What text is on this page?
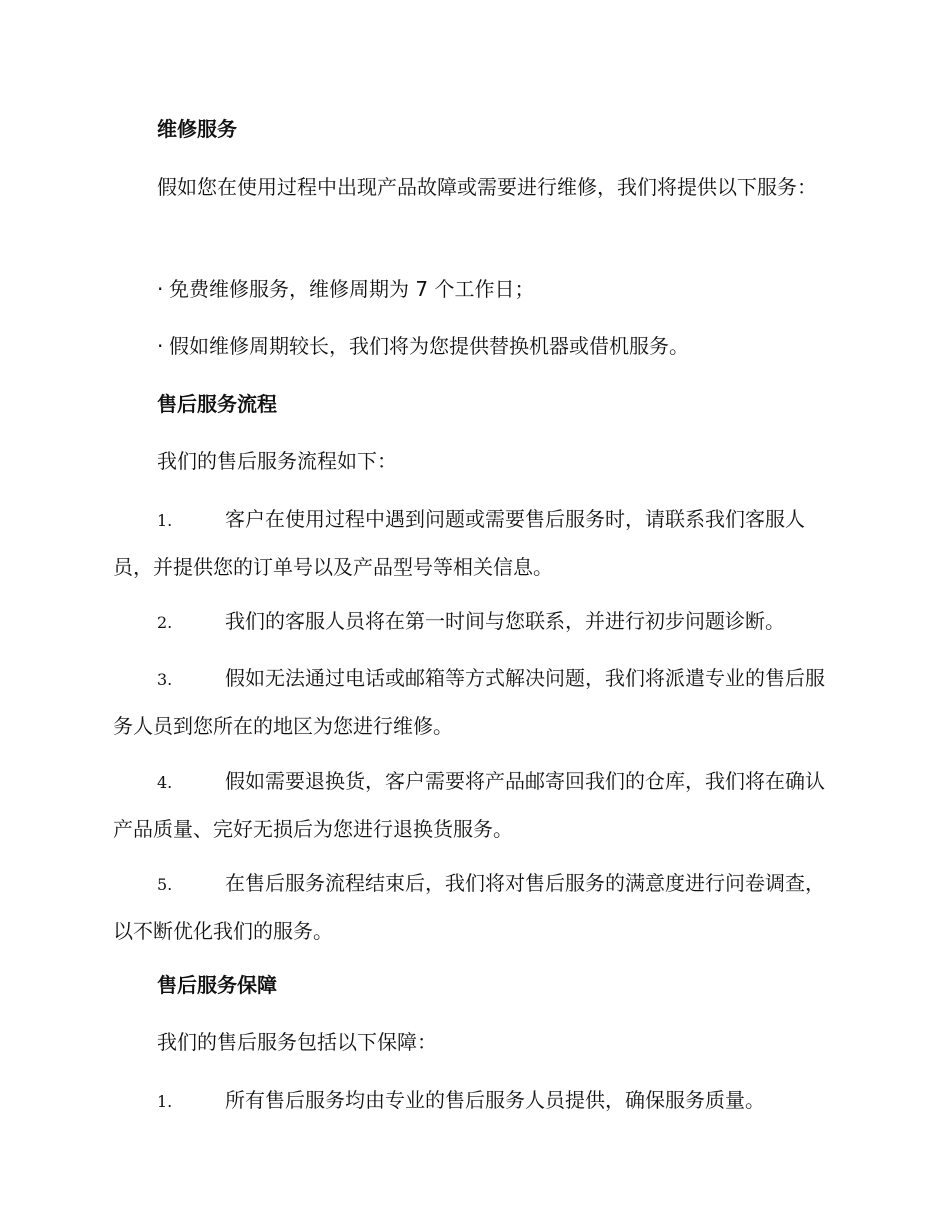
维修服务

假如您在使用过程中出现产品故障或需要进行维修，我们将提供以下服务：

· 免费维修服务，维修周期为 7 个工作日；
· 假如维修周期较长，我们将为您提供替换机器或借机服务。
售后服务流程

我们的售后服务流程如下：

1.	客户在使用过程中遇到问题或需要售后服务时，请联系我们客服人员，并提供您的订单号以及产品型号等相关信息。
2.	我们的客服人员将在第一时间与您联系，并进行初步问题诊断。
3.	假如无法通过电话或邮箱等方式解决问题，我们将派遣专业的售后服务人员到您所在的地区为您进行维修。
4.	假如需要退换货，客户需要将产品邮寄回我们的仓库，我们将在确认产品质量、完好无损后为您进行退换货服务。
5.	在售后服务流程结束后，我们将对售后服务的满意度进行问卷调查，以不断优化我们的服务。
售后服务保障

我们的售后服务包括以下保障：

1.	所有售后服务均由专业的售后服务人员提供，确保服务质量。
